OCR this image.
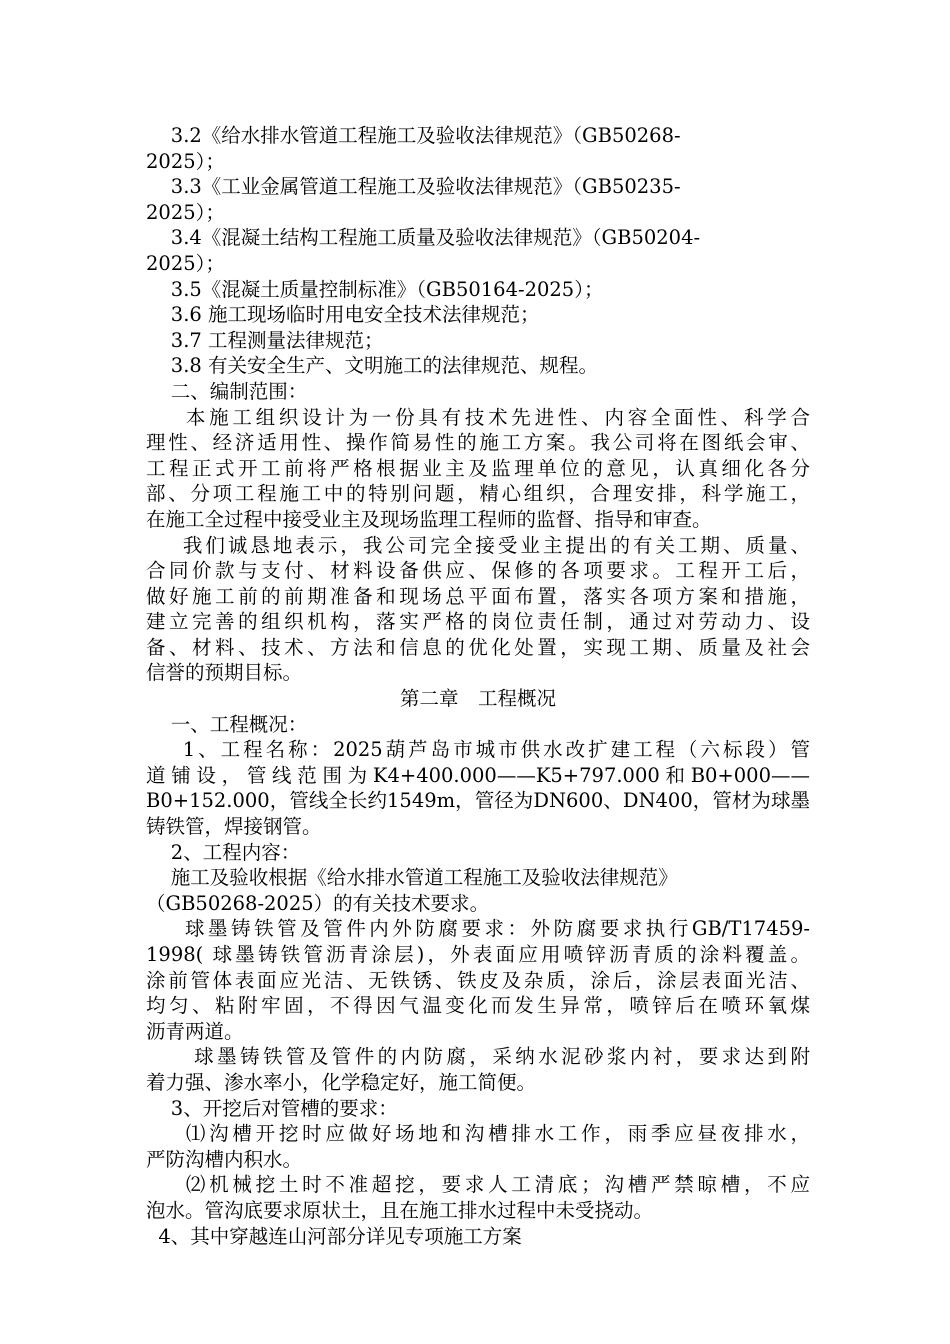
3.2《给水排水管道工程施工及验收法律规范》（GB50268-
2025）；
3.3《工业金属管道工程施工及验收法律规范》（GB50235-
2025）；
3.4《混凝土结构工程施工质量及验收法律规范》（GB50204-
2025）；
3.5《混凝土质量控制标准》（GB50164-2025）；
3.6 施工现场临时用电安全技术法律规范；
3.7 工程测量法律规范；
3.8 有关安全生产、文明施工的法律规范、规程。
二、编制范围：
本施工组织设计为一份具有技术先进性、内容全面性、科学合
理性、经济适用性、操作简易性的施工方案。我公司将在图纸会审、
工程正式开工前将严格根据业主及监理单位的意见，认真细化各分
部、分项工程施工中的特别问题，精心组织，合理安排，科学施工，
在施工全过程中接受业主及现场监理工程师的监督、指导和审查。
我们诚恳地表示，我公司完全接受业主提出的有关工期、质量、
合同价款与支付、材料设备供应、保修的各项要求。工程开工后，
做好施工前的前期准备和现场总平面布置，落实各项方案和措施，
建立完善的组织机构，落实严格的岗位责任制，通过对劳动力、设
备、材料、技术、方法和信息的优化处置，实现工期、质量及社会
信誉的预期目标。
第二章　工程概况
一、工程概况：
1、工程名称：2025葫芦岛市城市供水改扩建工程（六标段）管
道铺设，管线范围为K4+400.000——K5+797.000和B0+000——
B0+152.000，管线全长约1549m，管径为DN600、DN400，管材为球墨
铸铁管，焊接钢管。
2、工程内容：
施工及验收根据《给水排水管道工程施工及验收法律规范》
（GB50268-2025）的有关技术要求。
球墨铸铁管及管件内外防腐要求：外防腐要求执行GB/T17459-
1998( 球墨铸铁管沥青涂层)，外表面应用喷锌沥青质的涂料覆盖。
涂前管体表面应光洁、无铁锈、铁皮及杂质，涂后，涂层表面光洁、
均匀、粘附牢固，不得因气温变化而发生异常，喷锌后在喷环氧煤
沥青两道。
球墨铸铁管及管件的内防腐，采纳水泥砂浆内衬，要求达到附
着力强、渗水率小，化学稳定好，施工简便。
3、开挖后对管槽的要求：
⑴沟槽开挖时应做好场地和沟槽排水工作，雨季应昼夜排水，
严防沟槽内积水。
⑵机械挖土时不准超挖，要求人工清底；沟槽严禁晾槽，不应
泡水。管沟底要求原状土，且在施工排水过程中未受挠动。
4、其中穿越连山河部分详见专项施工方案
